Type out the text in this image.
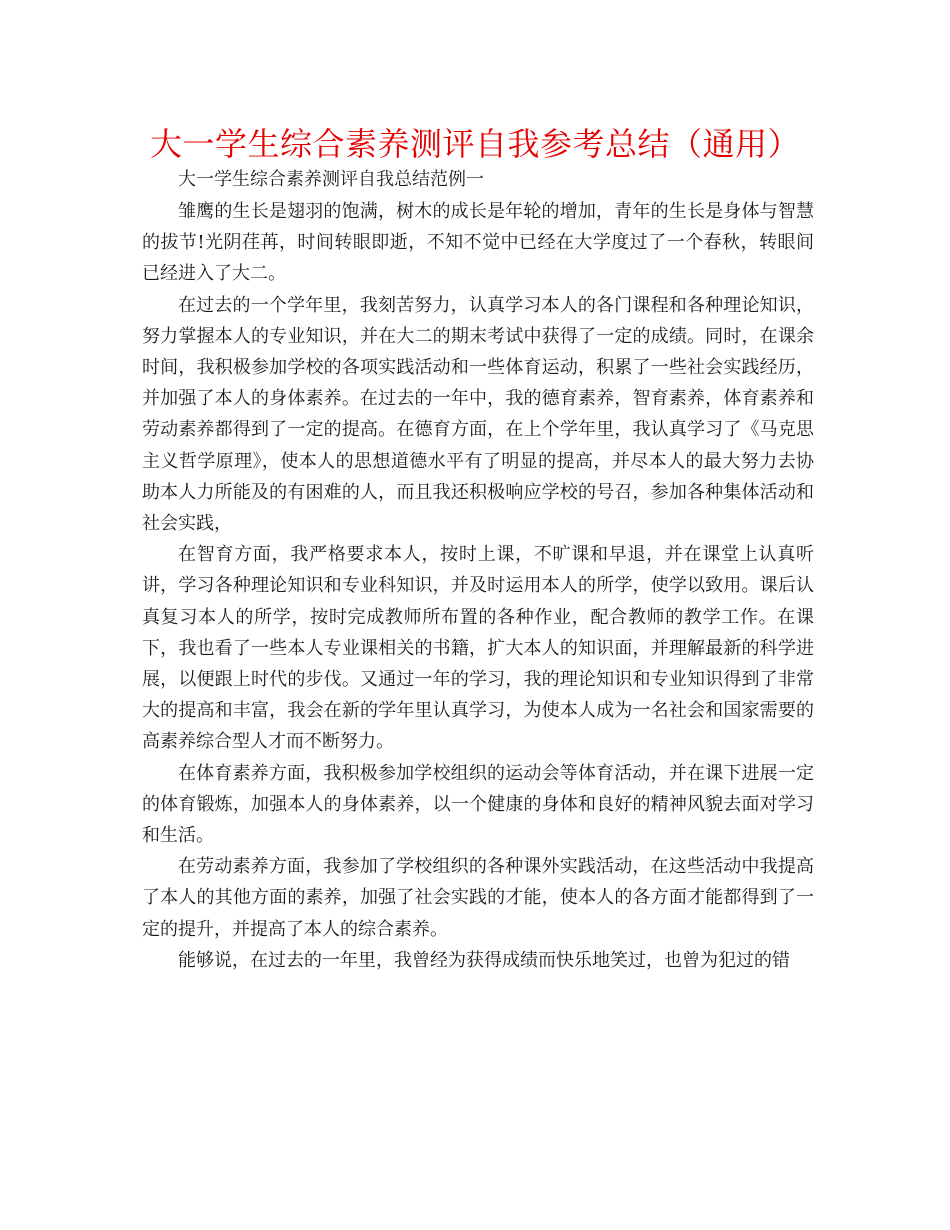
大一学生综合素养测评自我参考总结（通用）

大一学生综合素养测评自我总结范例一

雏鹰的生长是翅羽的饱满，树木的成长是年轮的增加，青年的生长是身体与智慧的拔节!光阴荏苒，时间转眼即逝，不知不觉中已经在大学度过了一个春秋，转眼间已经进入了大二。

在过去的一个学年里，我刻苦努力，认真学习本人的各门课程和各种理论知识，努力掌握本人的专业知识，并在大二的期末考试中获得了一定的成绩。同时，在课余时间，我积极参加学校的各项实践活动和一些体育运动，积累了一些社会实践经历，并加强了本人的身体素养。在过去的一年中，我的德育素养，智育素养，体育素养和劳动素养都得到了一定的提高。在德育方面，在上个学年里，我认真学习了《马克思主义哲学原理》，使本人的思想道德水平有了明显的提高，并尽本人的最大努力去协助本人力所能及的有困难的人，而且我还积极响应学校的号召，参加各种集体活动和社会实践，

在智育方面，我严格要求本人，按时上课，不旷课和早退，并在课堂上认真听讲，学习各种理论知识和专业科知识，并及时运用本人的所学，使学以致用。课后认真复习本人的所学，按时完成教师所布置的各种作业，配合教师的教学工作。在课下，我也看了一些本人专业课相关的书籍，扩大本人的知识面，并理解最新的科学进展，以便跟上时代的步伐。又通过一年的学习，我的理论知识和专业知识得到了非常大的提高和丰富，我会在新的学年里认真学习，为使本人成为一名社会和国家需要的高素养综合型人才而不断努力。

在体育素养方面，我积极参加学校组织的运动会等体育活动，并在课下进展一定的体育锻炼，加强本人的身体素养，以一个健康的身体和良好的精神风貌去面对学习和生活。

在劳动素养方面，我参加了学校组织的各种课外实践活动，在这些活动中我提高了本人的其他方面的素养，加强了社会实践的才能，使本人的各方面才能都得到了一定的提升，并提高了本人的综合素养。

能够说，在过去的一年里，我曾经为获得成绩而快乐地笑过，也曾为犯过的错
